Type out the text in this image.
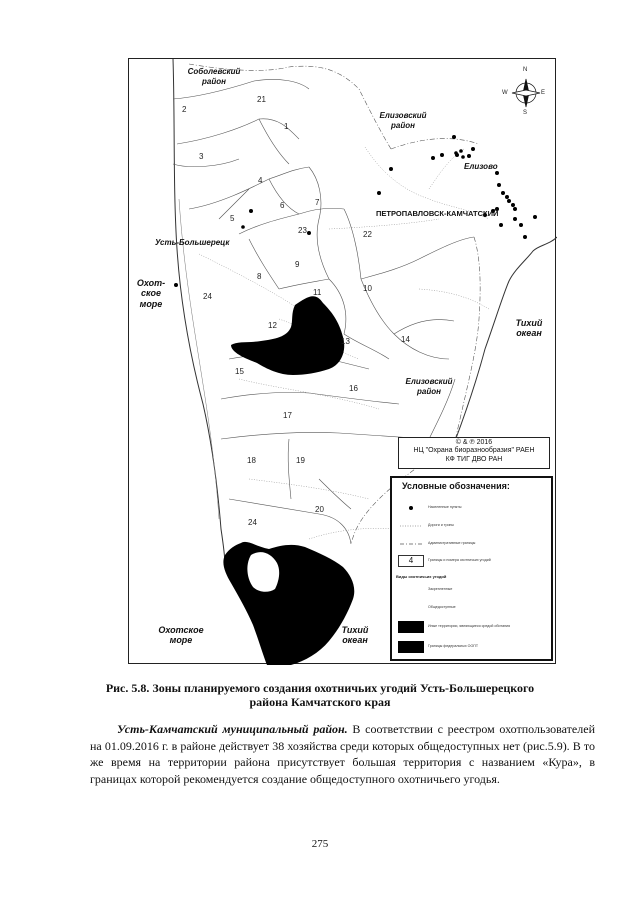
N
S
E
W
Соболевский район
Елизовский район
Елизовский район
Елизово
ПЕТРОПАВЛОВСК-КАМЧАТСКИЙ
Усть-Большерецк
Охот- ское море
Охотское море
Тихий океан
Тихий океан
1
2
3
4
5
6	7
8
9
10
11
12
13	14
15
16
17
18	19
20
21
22
23
24
24
© & ℗ 2016
НЦ "Охрана биоразнообразия" РАЕН
КФ ТИГ ДВО РАН
Условные обозначения:
Населенные пункты
Дороги и тропы
Административные границы
4	Границы и номера охотничьих угодий
Виды охотничьих угодий
Закрепленные
Общедоступные
Иные территории, являющиеся средой обитания
Границы федеральных ООПТ
Рис. 5.8. Зоны планируемого создания охотничьих угодий Усть-Большерецкого
района Камчатского края

Усть-Камчатский муниципальный район. В соответствии с реестром охотпользователей на 01.09.2016 г. в районе действует 38 хозяйства среди которых общедоступных нет (рис.5.9). В то же время на территории района присутствует большая территория с названием «Кура», в границах которой рекомендуется создание общедоступного охотничьего угодья.

275
